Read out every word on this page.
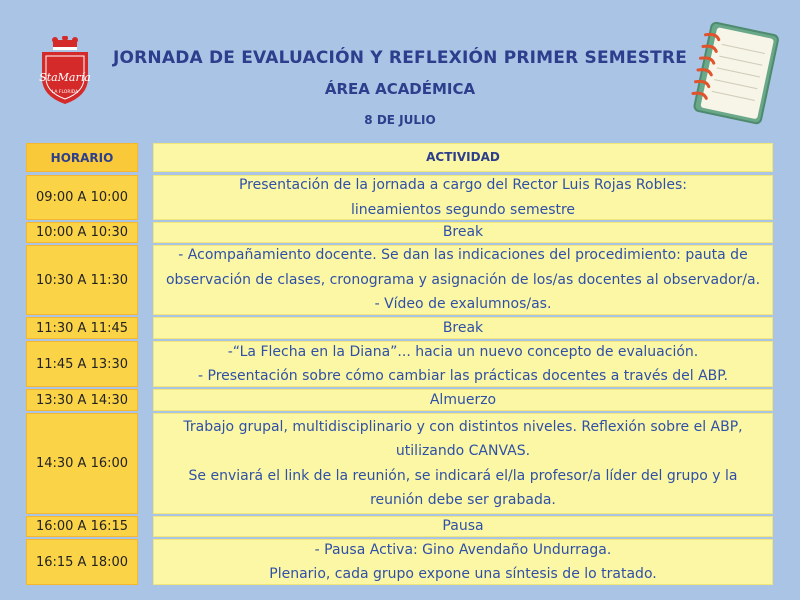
StaMaría
LA FLORIDA
JORNADA DE EVALUACIÓN Y REFLEXIÓN PRIMER SEMESTRE
ÁREA ACADÉMICA
8 DE JULIO
HORARIO
09:00 A 10:00
10:00 A 10:30
10:30 A 11:30
11:30 A 11:45
11:45 A 13:30
13:30 A 14:30
14:30 A 16:00
16:00 A 16:15
16:15 A 18:00
ACTIVIDAD
Presentación de la jornada a cargo del Rector Luis Rojas Robles:
lineamientos segundo semestre
Break
- Acompañamiento docente. Se dan las indicaciones del procedimiento: pauta de
observación de clases, cronograma y asignación de los/as docentes al observador/a.
- Vídeo de exalumnos/as.
Break
-“La Flecha en la Diana”... hacia un nuevo concepto de evaluación.
- Presentación sobre cómo cambiar las prácticas docentes a través del ABP.
Almuerzo
Trabajo grupal, multidisciplinario y con distintos niveles. Reflexión sobre el ABP,
utilizando CANVAS.
Se enviará el link de la reunión, se indicará el/la profesor/a líder del grupo y la
reunión debe ser grabada.
Pausa
- Pausa Activa: Gino Avendaño Undurraga.
Plenario, cada grupo expone una síntesis de lo tratado.
